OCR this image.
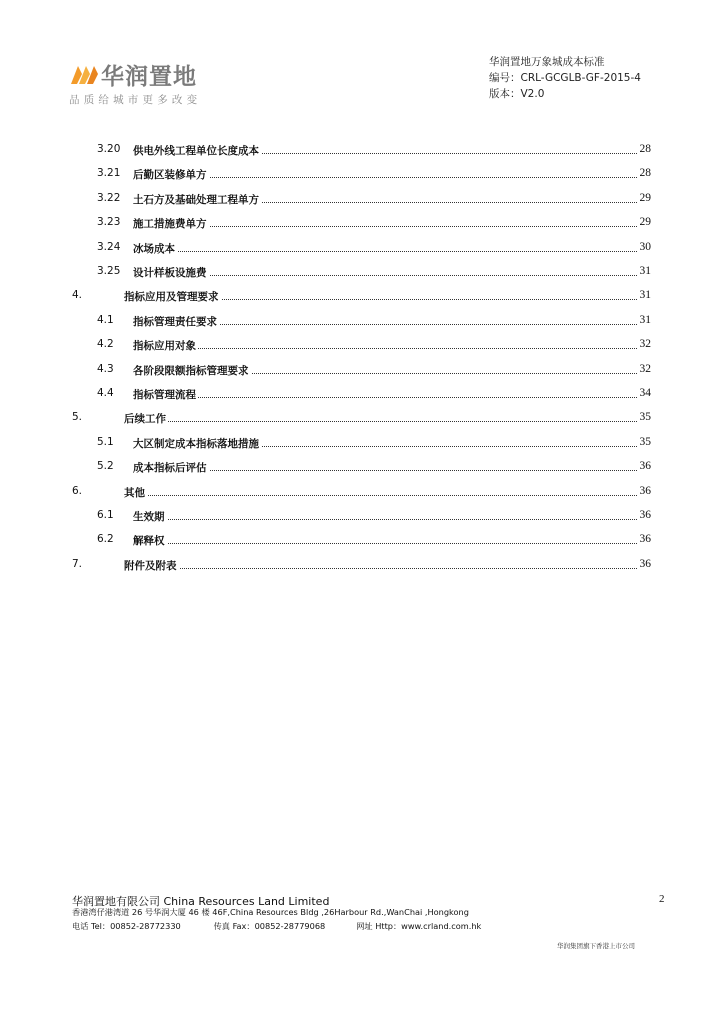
华润置地
品质给城市更多改变
华润置地万象城成本标准
编号：CRL-GCGLB-GF-2015-4
版本：V2.0
3.20 供电外线工程单位长度成本	28
3.21 后勤区装修单方	28
3.22 土石方及基础处理工程单方	29
3.23 施工措施费单方	29
3.24 冰场成本	30
3.25 设计样板设施费	31
4.	指标应用及管理要求	31
4.1 指标管理责任要求	31
4.2 指标应用对象	32
4.3 各阶段限额指标管理要求	32
4.4 指标管理流程	34
5.	后续工作	35
5.1 大区制定成本指标落地措施	35
5.2 成本指标后评估	36
6.	其他	36
6.1 生效期	36
6.2 解释权	36
7.	附件及附表	36
华润置地有限公司 China Resources Land Limited	2
香港湾仔港湾道 26 号华润大厦 46 楼 46F,China Resources Bldg ,26Harbour Rd.,WanChai ,Hongkong
电话 Tel：00852-28772330	传真 Fax：00852-28779068	网址 Http：www.crland.com.hk
华润集团旗下香港上市公司
